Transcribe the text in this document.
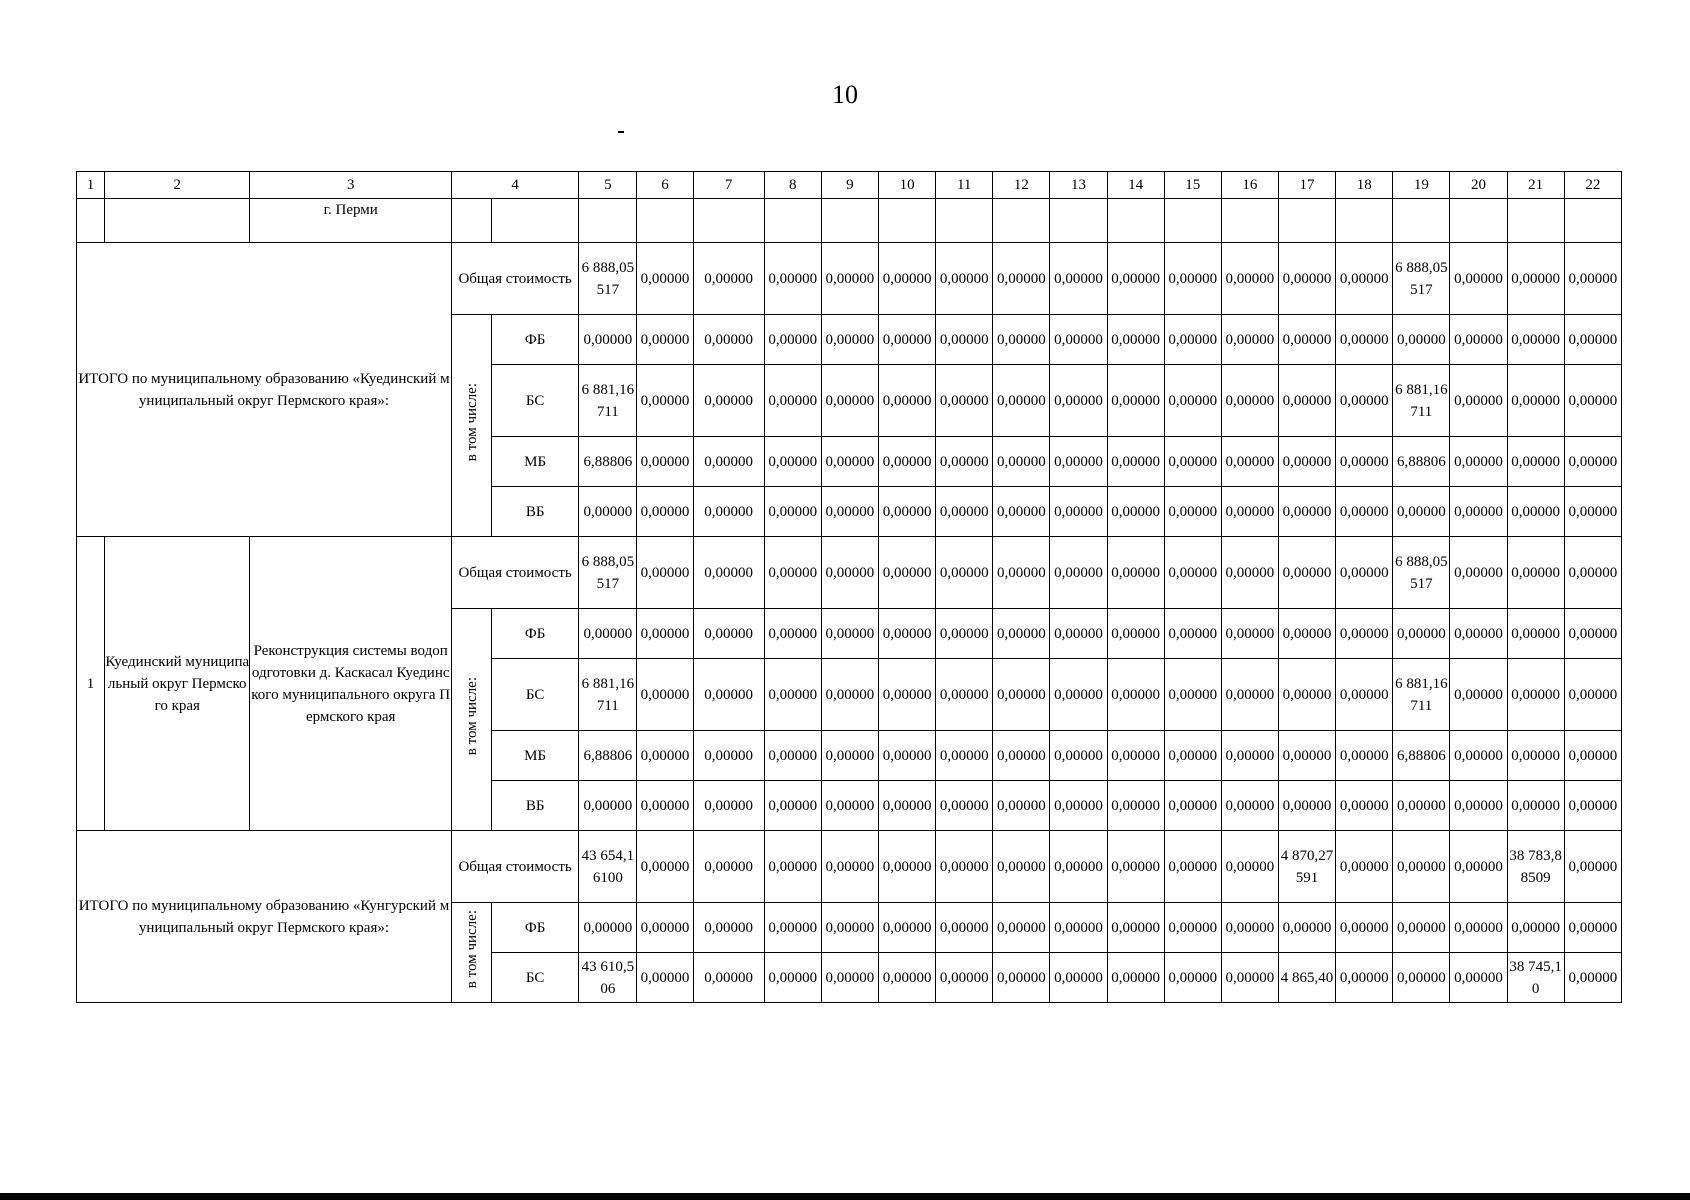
10
1	2	3	4		5	6	7	8	9	10	11	12	13	14	15	16	17	18	19	20	21	22

		г. Перми																				

ИТОГО по муниципальному образованию «Куединский муниципальный округ Пермского края»:			Общая стоимость		6 888,05517	0,00000	0,00000	0,00000	0,00000	0,00000	0,00000	0,00000	0,00000	0,00000	0,00000	0,00000	0,00000	0,00000	6 888,05517	0,00000	0,00000	0,00000

			в том числе:	ФБ	0,00000	0,00000	0,00000	0,00000	0,00000	0,00000	0,00000	0,00000	0,00000	0,00000	0,00000	0,00000	0,00000	0,00000	0,00000	0,00000	0,00000	0,00000

				БС	6 881,16711	0,00000	0,00000	0,00000	0,00000	0,00000	0,00000	0,00000	0,00000	0,00000	0,00000	0,00000	0,00000	0,00000	6 881,16711	0,00000	0,00000	0,00000

				МБ	6,88806	0,00000	0,00000	0,00000	0,00000	0,00000	0,00000	0,00000	0,00000	0,00000	0,00000	0,00000	0,00000	0,00000	6,88806	0,00000	0,00000	0,00000

				ВБ	0,00000	0,00000	0,00000	0,00000	0,00000	0,00000	0,00000	0,00000	0,00000	0,00000	0,00000	0,00000	0,00000	0,00000	0,00000	0,00000	0,00000	0,00000

1	Куединский муниципальный округ Пермского края	Реконструкция системы водоподготовки д. Каскасал Куединского муниципального округа Пермского края	Общая стоимость		6 888,05517	0,00000	0,00000	0,00000	0,00000	0,00000	0,00000	0,00000	0,00000	0,00000	0,00000	0,00000	0,00000	0,00000	6 888,05517	0,00000	0,00000	0,00000

			в том числе:	ФБ	0,00000	0,00000	0,00000	0,00000	0,00000	0,00000	0,00000	0,00000	0,00000	0,00000	0,00000	0,00000	0,00000	0,00000	0,00000	0,00000	0,00000	0,00000

				БС	6 881,16711	0,00000	0,00000	0,00000	0,00000	0,00000	0,00000	0,00000	0,00000	0,00000	0,00000	0,00000	0,00000	0,00000	6 881,16711	0,00000	0,00000	0,00000

				МБ	6,88806	0,00000	0,00000	0,00000	0,00000	0,00000	0,00000	0,00000	0,00000	0,00000	0,00000	0,00000	0,00000	0,00000	6,88806	0,00000	0,00000	0,00000

				ВБ	0,00000	0,00000	0,00000	0,00000	0,00000	0,00000	0,00000	0,00000	0,00000	0,00000	0,00000	0,00000	0,00000	0,00000	0,00000	0,00000	0,00000	0,00000

ИТОГО по муниципальному образованию «Кунгурский муниципальный округ Пермского края»:			Общая стоимость		43 654,16100	0,00000	0,00000	0,00000	0,00000	0,00000	0,00000	0,00000	0,00000	0,00000	0,00000	0,00000	4 870,27591	0,00000	0,00000	0,00000	38 783,88509	0,00000

			в том числе:	ФБ	0,00000	0,00000	0,00000	0,00000	0,00000	0,00000	0,00000	0,00000	0,00000	0,00000	0,00000	0,00000	0,00000	0,00000	0,00000	0,00000	0,00000	0,00000

				БС	43 610,506	0,00000	0,00000	0,00000	0,00000	0,00000	0,00000	0,00000	0,00000	0,00000	0,00000	0,00000	4 865,40	0,00000	0,00000	0,00000	38 745,10	0,00000
